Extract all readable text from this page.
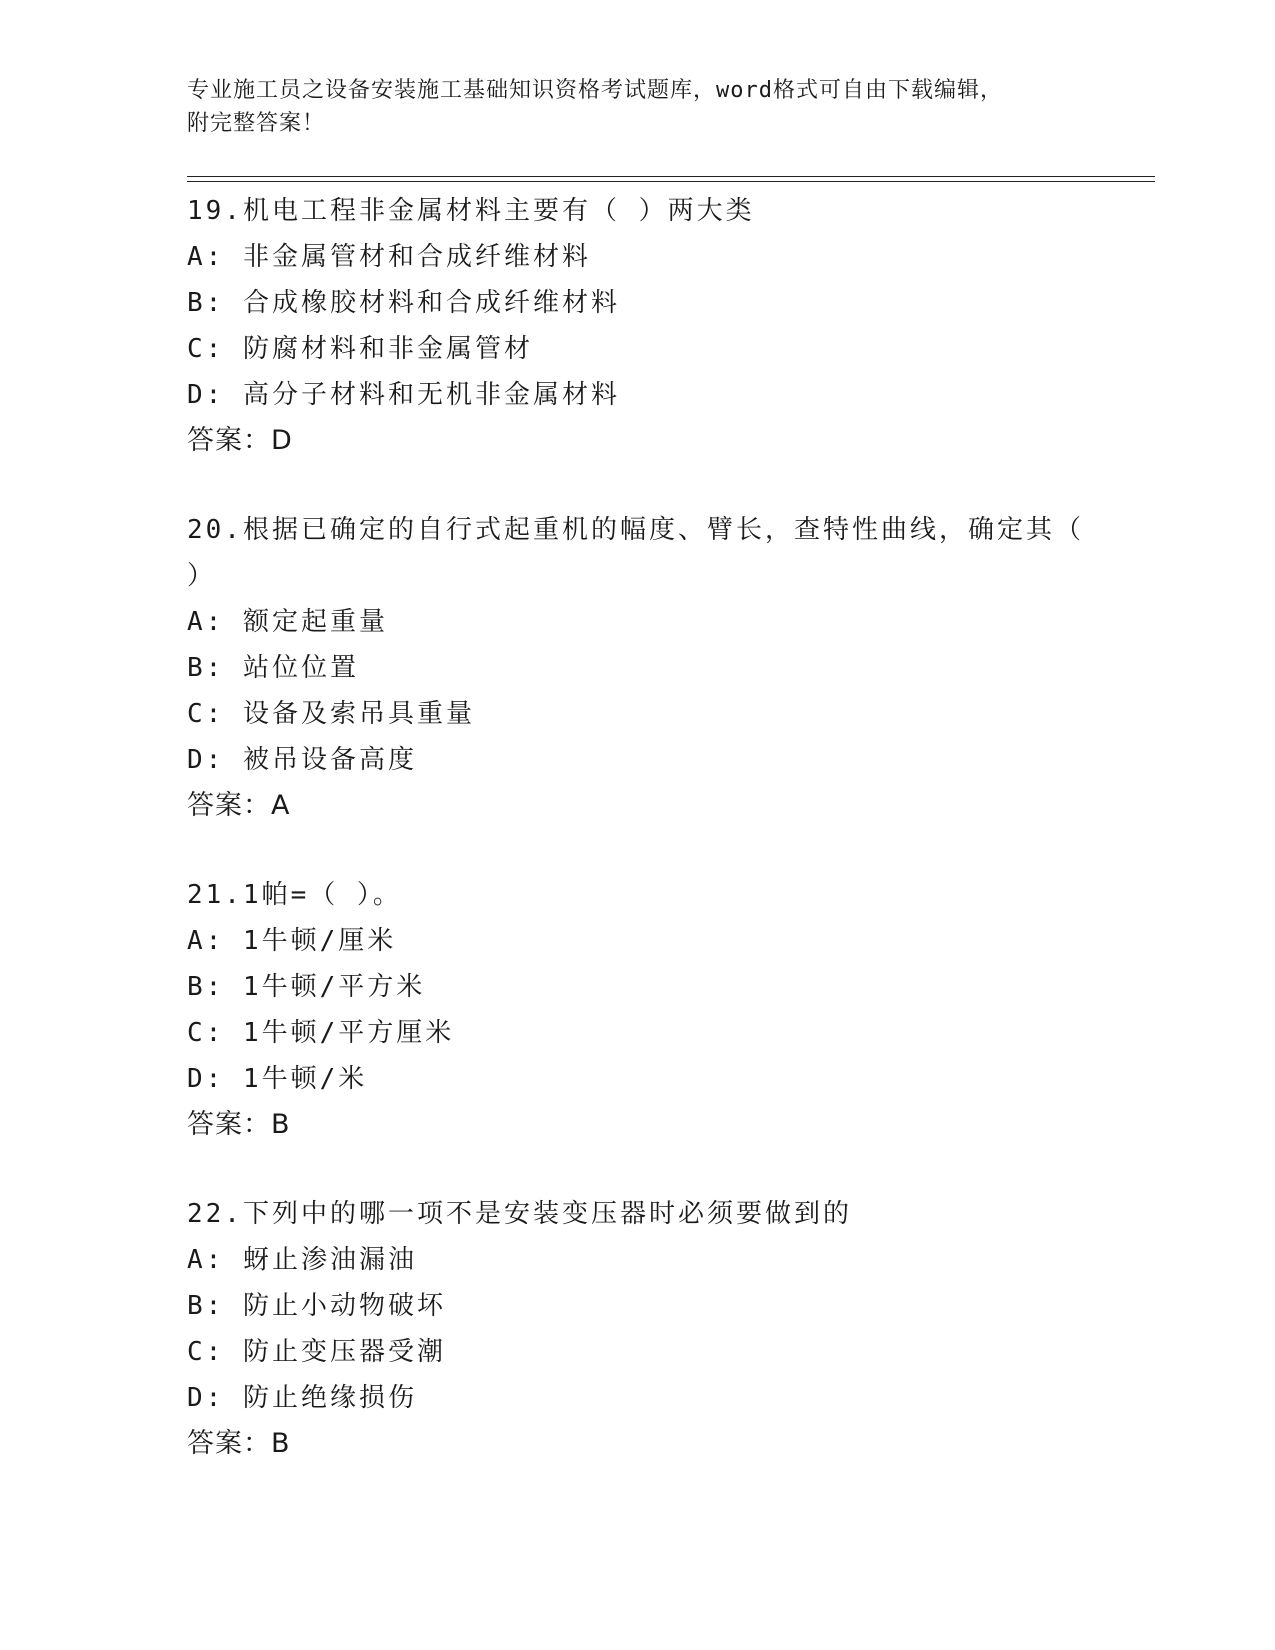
专业施工员之设备安装施工基础知识资格考试题库，word格式可自由下载编辑，
附完整答案！
19.机电工程非金属材料主要有（ ）两大类
A: 非金属管材和合成纤维材料
B: 合成橡胶材料和合成纤维材料
C: 防腐材料和非金属管材
D: 高分子材料和无机非金属材料
答案：D
20.根据已确定的自行式起重机的幅度、臂长，查特性曲线，确定其（ ）
A: 额定起重量
B: 站位位置
C: 设备及索吊具重量
D: 被吊设备高度
答案：A
21.1帕=（ ）。
A: 1牛顿/厘米
B: 1牛顿/平方米
C: 1牛顿/平方厘米
D: 1牛顿/米
答案：B
22.下列中的哪一项不是安装变压器时必须要做到的
A: 蚜止渗油漏油
B: 防止小动物破坏
C: 防止变压器受潮
D: 防止绝缘损伤
答案：B
